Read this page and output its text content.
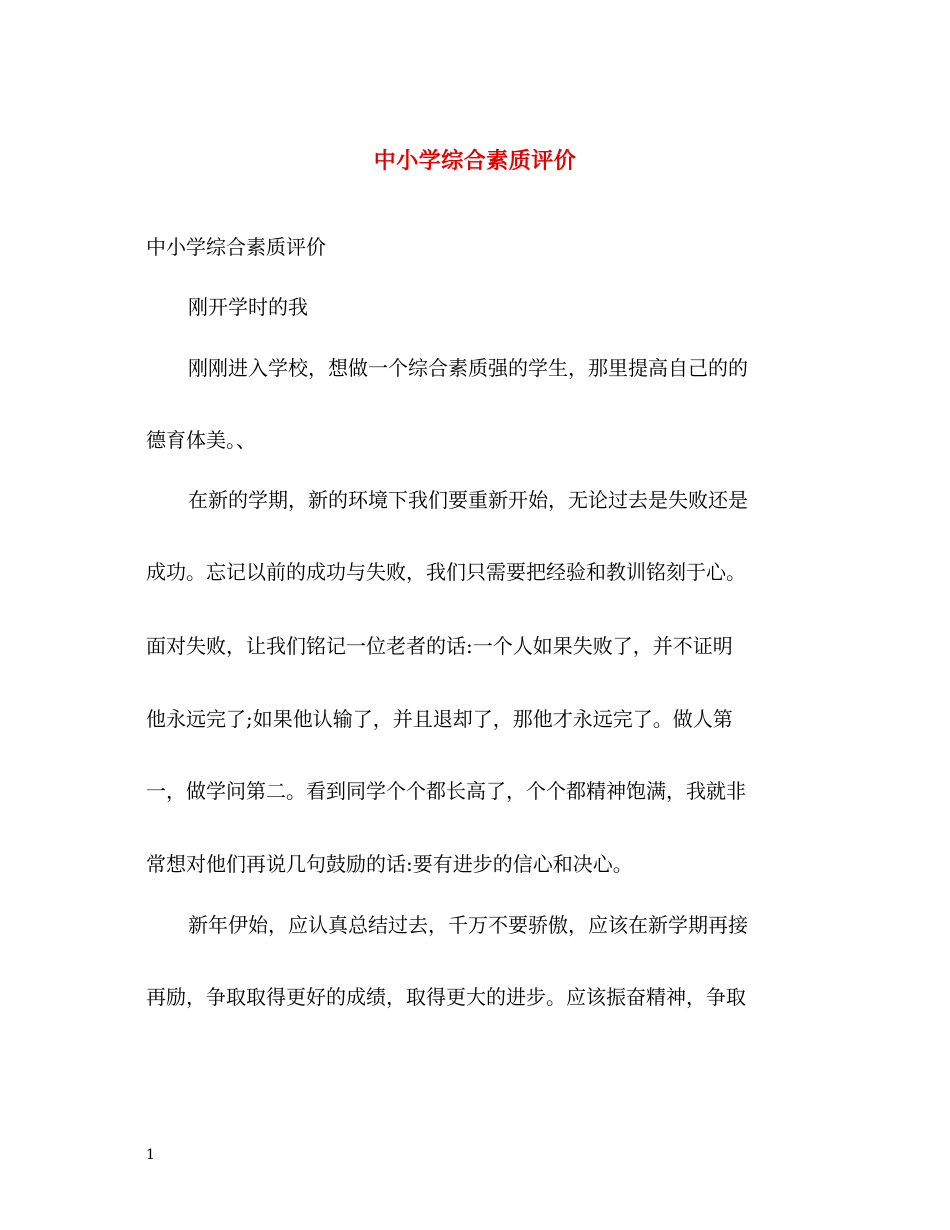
中小学综合素质评价
中小学综合素质评价
刚开学时的我
刚刚进入学校，想做一个综合素质强的学生，那里提高自己的的
德育体美。、
在新的学期，新的环境下我们要重新开始，无论过去是失败还是
成功。忘记以前的成功与失败，我们只需要把经验和教训铭刻于心。
面对失败，让我们铭记一位老者的话:一个人如果失败了，并不证明
他永远完了;如果他认输了，并且退却了，那他才永远完了。做人第
一，做学问第二。看到同学个个都长高了，个个都精神饱满，我就非
常想对他们再说几句鼓励的话:要有进步的信心和决心。
新年伊始，应认真总结过去，千万不要骄傲，应该在新学期再接
再励，争取取得更好的成绩，取得更大的进步。应该振奋精神，争取
1
